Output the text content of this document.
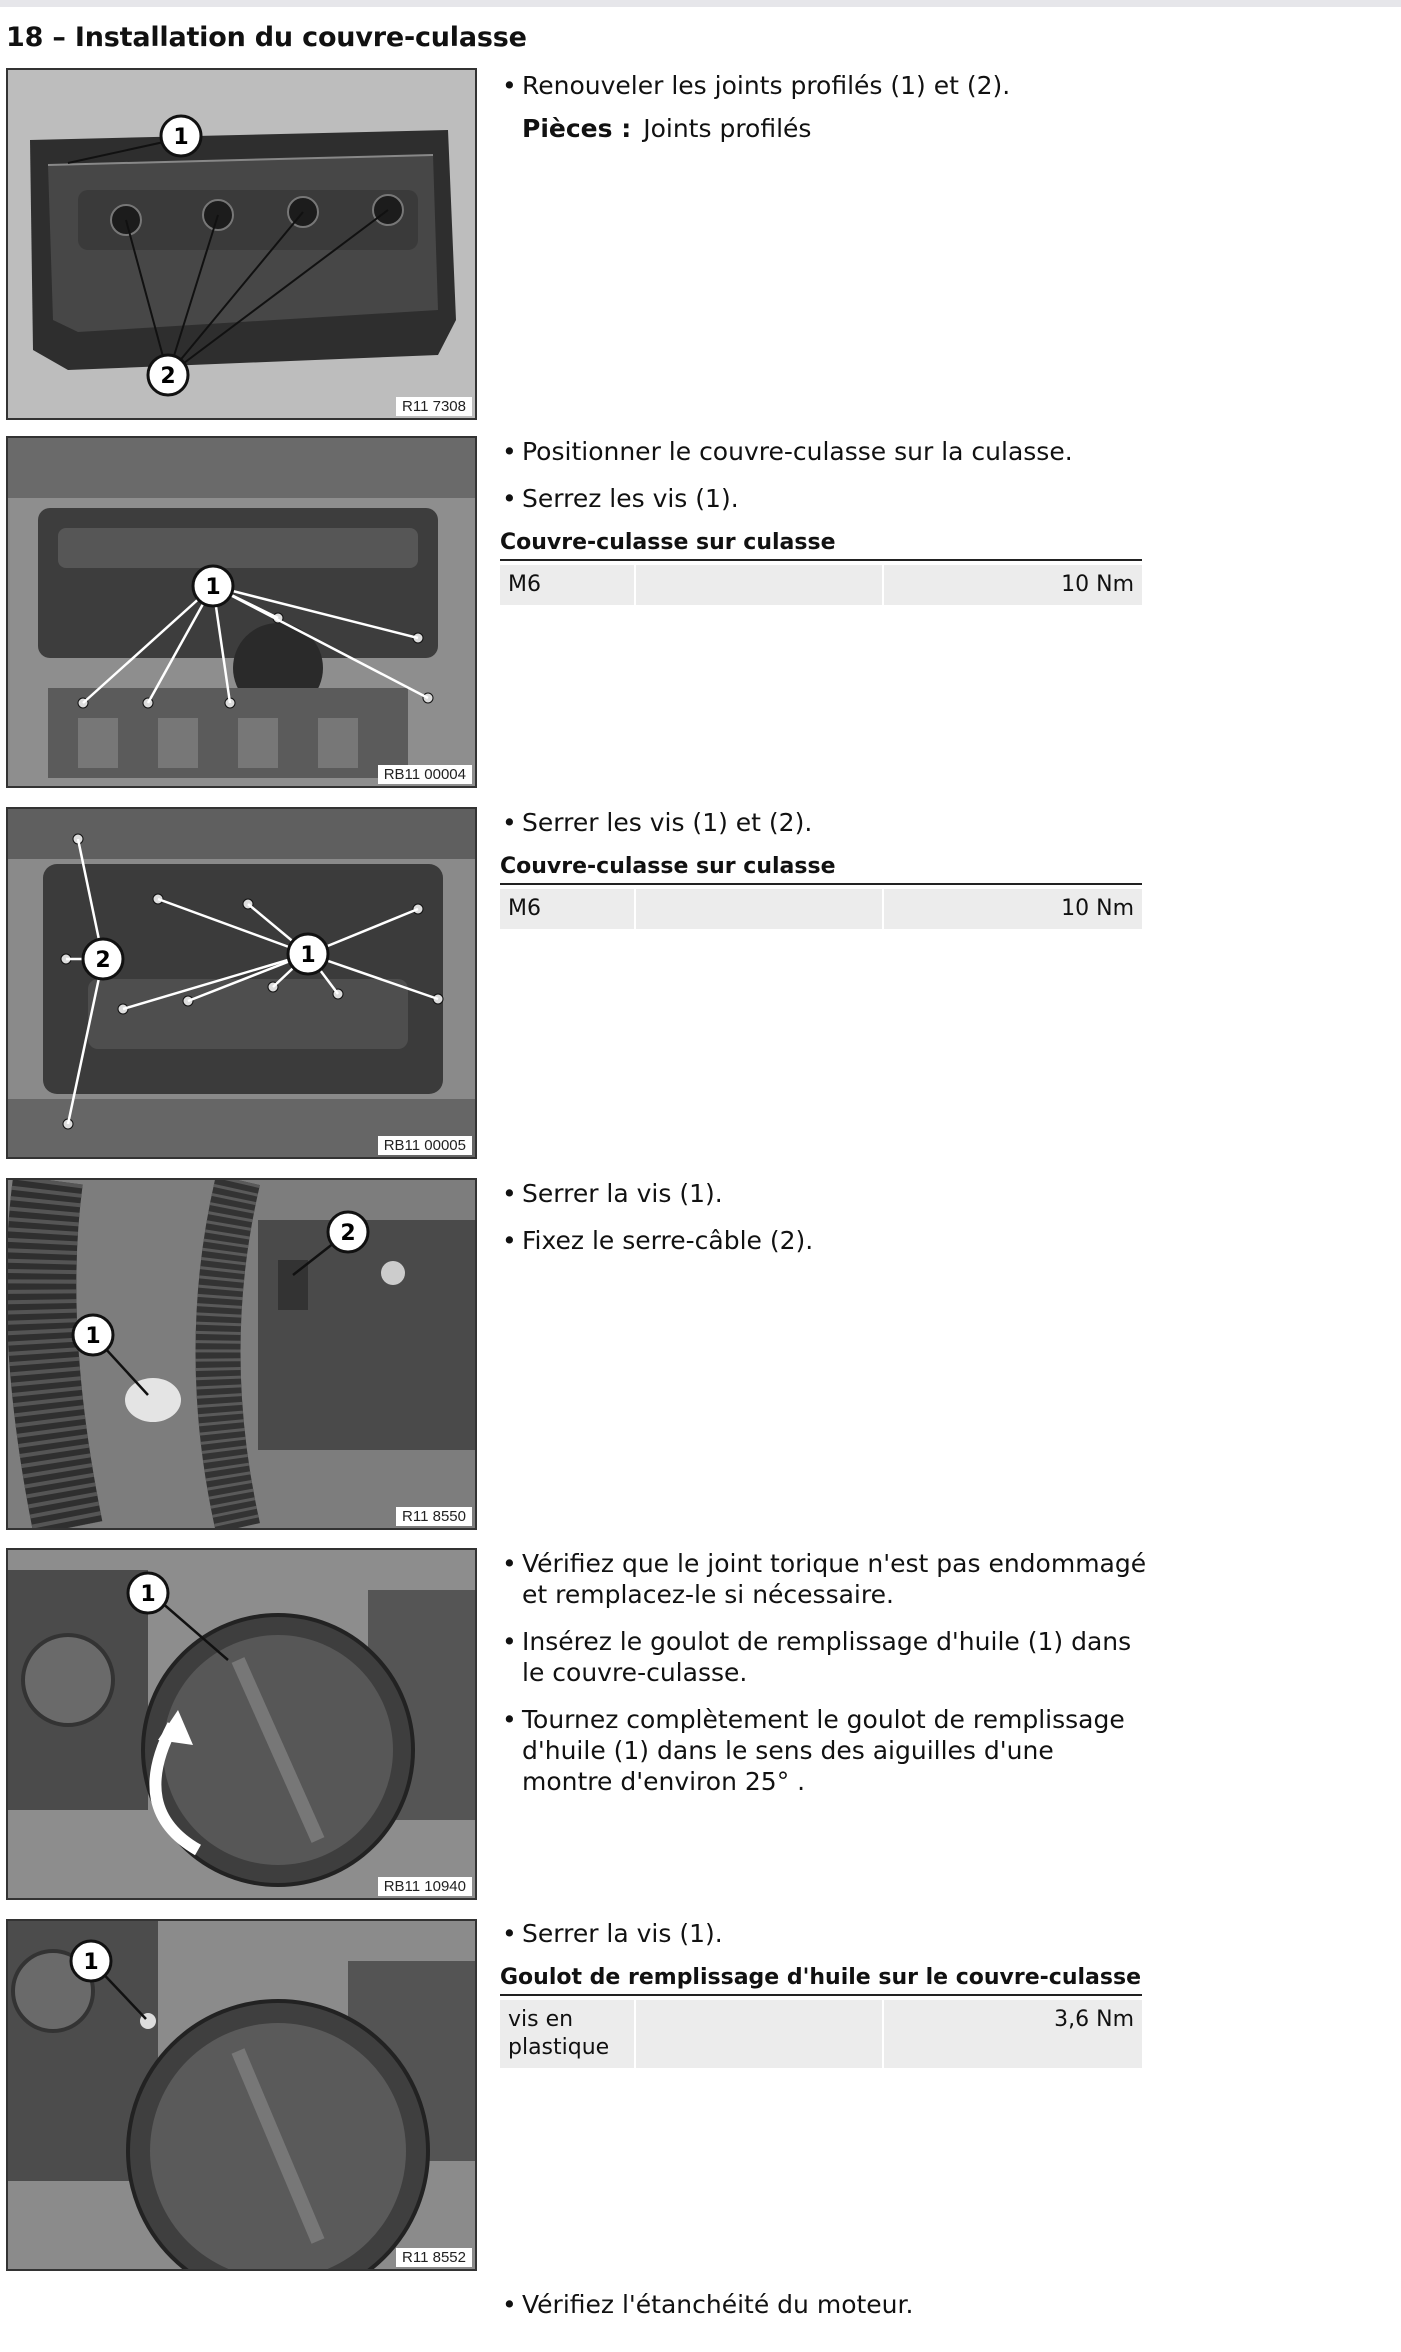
18 – Installation du couvre-culasse
1
2
R11 7308
• Renouveler les joints profilés (1) et (2).
Pièces : Joints profilés
1
RB11 00004
• Positionner le couvre-culasse sur la culasse.
• Serrez les vis (1).
Couvre-culasse sur culasse
M6	10 Nm
1
2
RB11 00005
• Serrer les vis (1) et (2).
Couvre-culasse sur culasse
M6	10 Nm
1
2
R11 8550
• Serrer la vis (1).
• Fixez le serre-câble (2).
1
RB11 10940
• Vérifiez que le joint torique n'est pas endommagé et remplacez-le si nécessaire.
• Insérez le goulot de remplissage d'huile (1) dans le couvre-culasse.
• Tournez complètement le goulot de remplissage d'huile (1) dans le sens des aiguilles d'une montre d'environ 25° .
1
R11 8552
• Serrer la vis (1).
Goulot de remplissage d'huile sur le couvre-culasse
vis en plastique
3,6 Nm
• Vérifiez l'étanchéité du moteur.
